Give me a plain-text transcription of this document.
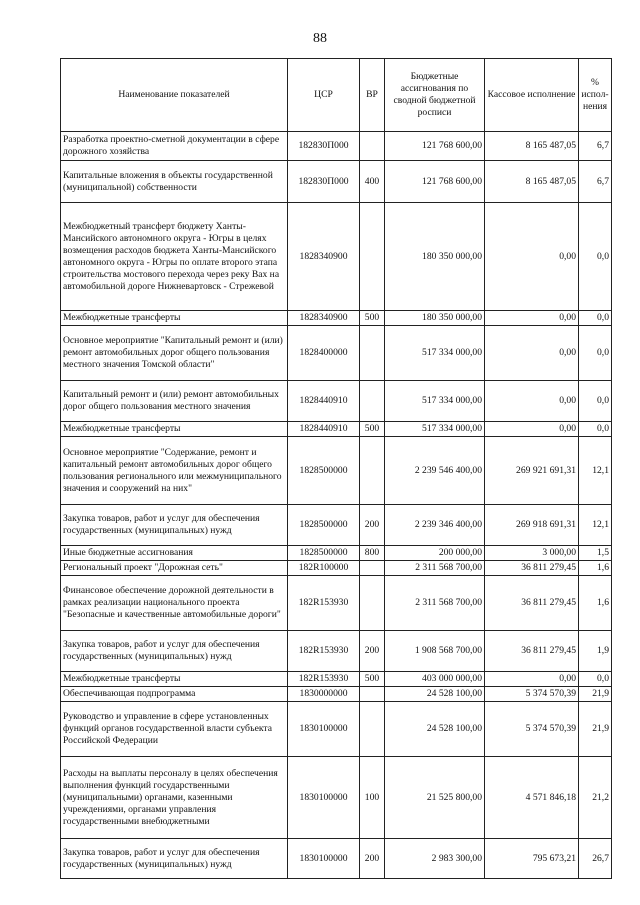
88
Наименование показателей	ЦСР	ВР	Бюджетные ассигнования по сводной бюджетной росписи	Кассовое исполнение	% испол-нения
Разработка проектно-сметной документации в сфере дорожного хозяйства	182830П000		121 768 600,00	8 165 487,05	6,7
Капитальные вложения в объекты государственной (муниципальной) собственности	182830П000	400	121 768 600,00	8 165 487,05	6,7
Межбюджетный трансферт бюджету Ханты-Мансийского автономного округа - Югры в целях возмещения расходов бюджета Ханты-Мансийского автономного округа - Югры по оплате второго этапа строительства мостового перехода через реку Вах на автомобильной дороге Нижневартовск - Стрежевой	1828340900		180 350 000,00	0,00	0,0
Межбюджетные трансферты	1828340900	500	180 350 000,00	0,00	0,0
Основное мероприятие "Капитальный ремонт и (или) ремонт автомобильных дорог общего пользования местного значения Томской области"	1828400000		517 334 000,00	0,00	0,0
Капитальный ремонт и (или) ремонт автомобильных дорог общего пользования местного значения	1828440910		517 334 000,00	0,00	0,0
Межбюджетные трансферты	1828440910	500	517 334 000,00	0,00	0,0
Основное мероприятие "Содержание, ремонт и капитальный ремонт автомобильных дорог общего пользования регионального или межмуниципального значения и сооружений на них"	1828500000		2 239 546 400,00	269 921 691,31	12,1
Закупка товаров, работ и услуг для обеспечения государственных (муниципальных) нужд	1828500000	200	2 239 346 400,00	269 918 691,31	12,1
Иные бюджетные ассигнования	1828500000	800	200 000,00	3 000,00	1,5
Региональный проект "Дорожная сеть"	182R100000		2 311 568 700,00	36 811 279,45	1,6
Финансовое обеспечение дорожной деятельности в рамках реализации национального проекта "Безопасные и качественные автомобильные дороги"	182R153930		2 311 568 700,00	36 811 279,45	1,6
Закупка товаров, работ и услуг для обеспечения государственных (муниципальных) нужд	182R153930	200	1 908 568 700,00	36 811 279,45	1,9
Межбюджетные трансферты	182R153930	500	403 000 000,00	0,00	0,0
Обеспечивающая подпрограмма	1830000000		24 528 100,00	5 374 570,39	21,9
Руководство и управление в сфере установленных функций органов государственной власти субъекта Российской Федерации	1830100000		24 528 100,00	5 374 570,39	21,9
Расходы на выплаты персоналу в целях обеспечения выполнения функций государственными (муниципальными) органами, казенными учреждениями, органами управления государственными внебюджетными	1830100000	100	21 525 800,00	4 571 846,18	21,2
Закупка товаров, работ и услуг для обеспечения государственных (муниципальных) нужд	1830100000	200	2 983 300,00	795 673,21	26,7
